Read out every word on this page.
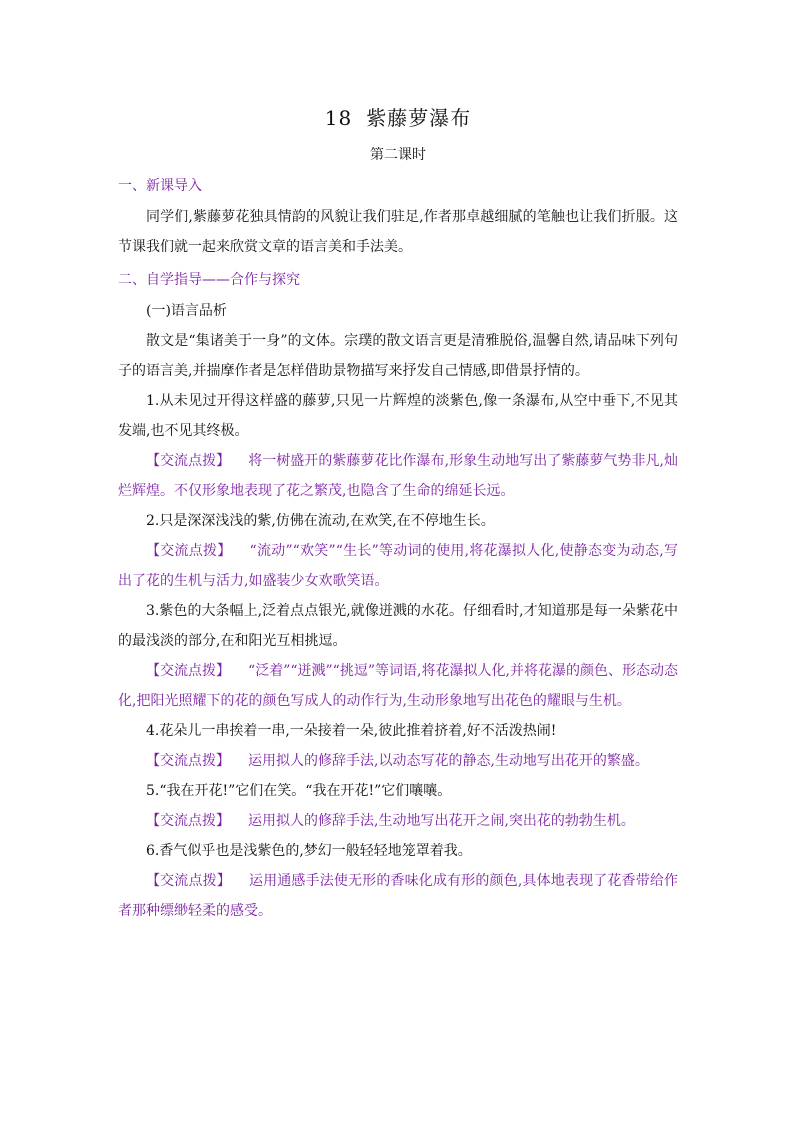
18 紫藤萝瀑布
第二课时
一、新课导入

同学们,紫藤萝花独具情韵的风貌让我们驻足,作者那卓越细腻的笔触也让我们折服。这节课我们就一起来欣赏文章的语言美和手法美。

二、自学指导——合作与探究

(一)语言品析

散文是“集诸美于一身”的文体。宗璞的散文语言更是清雅脱俗,温馨自然,请品味下列句子的语言美,并揣摩作者是怎样借助景物描写来抒发自己情感,即借景抒情的。

1.从未见过开得这样盛的藤萝,只见一片辉煌的淡紫色,像一条瀑布,从空中垂下,不见其发端,也不见其终极。

【交流点拨】 将一树盛开的紫藤萝花比作瀑布,形象生动地写出了紫藤萝气势非凡,灿烂辉煌。不仅形象地表现了花之繁茂,也隐含了生命的绵延长远。

2.只是深深浅浅的紫,仿佛在流动,在欢笑,在不停地生长。

【交流点拨】 “流动”“欢笑”“生长”等动词的使用,将花瀑拟人化,使静态变为动态,写出了花的生机与活力,如盛装少女欢歌笑语。

3.紫色的大条幅上,泛着点点银光,就像迸溅的水花。仔细看时,才知道那是每一朵紫花中的最浅淡的部分,在和阳光互相挑逗。

【交流点拨】 “泛着”“迸溅”“挑逗”等词语,将花瀑拟人化,并将花瀑的颜色、形态动态化,把阳光照耀下的花的颜色写成人的动作行为,生动形象地写出花色的耀眼与生机。

4.花朵儿一串挨着一串,一朵接着一朵,彼此推着挤着,好不活泼热闹!

【交流点拨】 运用拟人的修辞手法,以动态写花的静态,生动地写出花开的繁盛。

5.“我在开花!”它们在笑。“我在开花!”它们嚷嚷。

【交流点拨】 运用拟人的修辞手法,生动地写出花开之闹,突出花的勃勃生机。

6.香气似乎也是浅紫色的,梦幻一般轻轻地笼罩着我。

【交流点拨】 运用通感手法使无形的香味化成有形的颜色,具体地表现了花香带给作者那种缥缈轻柔的感受。
